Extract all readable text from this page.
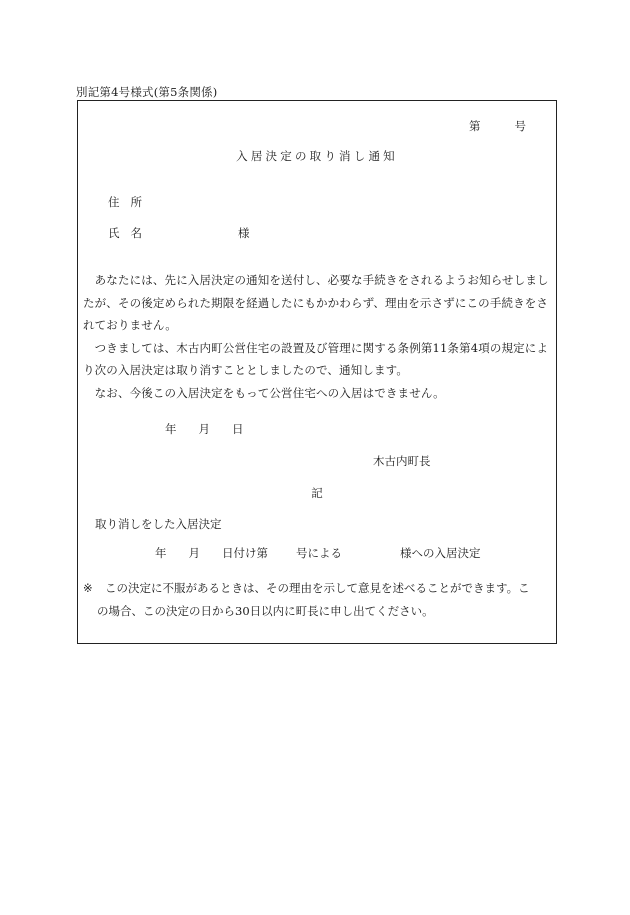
別記第4号様式(第5条関係)
第	号
入居決定の取り消し通知
住 所
氏 名	様

　あなたには、先に入居決定の通知を送付し、必要な手続きをされるようお知らせしましたが、その後定められた期限を経過したにもかかわらず、理由を示さずにこの手続きをされておりません。

　つきましては、木古内町公営住宅の設置及び管理に関する条例第11条第4項の規定により次の入居決定は取り消すこととしましたので、通知します。

　なお、今後この入居決定をもって公営住宅への入居はできません。

年 月 日
木古内町長
記
取り消しをした入居決定
年 月 日付け第 号による	様への入居決定

※ この決定に不服があるときは、その理由を示して意見を述べることができます。こ

の場合、この決定の日から30日以内に町長に申し出てください。
